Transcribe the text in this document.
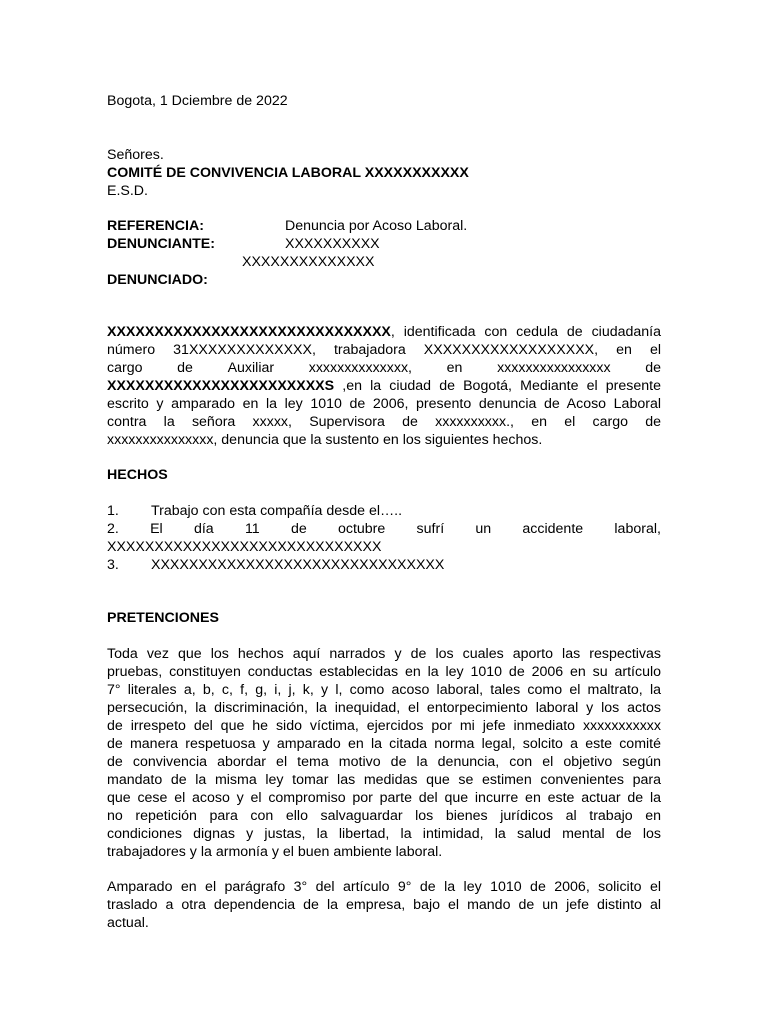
Bogota, 1 Dciembre de 2022
Señores.
COMITÉ DE CONVIVENCIA LABORAL XXXXXXXXXXX
E.S.D.
REFERENCIA:	Denuncia por Acoso Laboral.
DENUNCIANTE:	XXXXXXXXXX
XXXXXXXXXXXXXX
DENUNCIADO:
XXXXXXXXXXXXXXXXXXXXXXXXXXXXXX, identificada con cedula de ciudadanía
número 31XXXXXXXXXXXXX, trabajadora XXXXXXXXXXXXXXXXXX, en el
cargo de Auxiliar xxxxxxxxxxxxxx, en xxxxxxxxxxxxxxxx de
XXXXXXXXXXXXXXXXXXXXXXXS ,en la ciudad de Bogotá, Mediante el presente
escrito y amparado en la ley 1010 de 2006, presento denuncia de Acoso Laboral
contra la señora xxxxx, Supervisora de xxxxxxxxxx., en el cargo de
xxxxxxxxxxxxxxx, denuncia que la sustento en los siguientes hechos.
HECHOS
1. Trabajo con esta compañía desde el…..
2. El día 11 de octubre sufrí un accidente laboral,
XXXXXXXXXXXXXXXXXXXXXXXXXXXXX
3. XXXXXXXXXXXXXXXXXXXXXXXXXXXXXXX
PRETENCIONES
Toda vez que los hechos aquí narrados y de los cuales aporto las respectivas
pruebas, constituyen conductas establecidas en la ley 1010 de 2006 en su artículo
7° literales a, b, c, f, g, i, j, k, y l, como acoso laboral, tales como el maltrato, la
persecución, la discriminación, la inequidad, el entorpecimiento laboral y los actos
de irrespeto del que he sido víctima, ejercidos por mi jefe inmediato xxxxxxxxxxx
de manera respetuosa y amparado en la citada norma legal, solcito a este comité
de convivencia abordar el tema motivo de la denuncia, con el objetivo según
mandato de la misma ley tomar las medidas que se estimen convenientes para
que cese el acoso y el compromiso por parte del que incurre en este actuar de la
no repetición para con ello salvaguardar los bienes jurídicos al trabajo en
condiciones dignas y justas, la libertad, la intimidad, la salud mental de los
trabajadores y la armonía y el buen ambiente laboral.
Amparado en el parágrafo 3° del artículo 9° de la ley 1010 de 2006, solicito el
traslado a otra dependencia de la empresa, bajo el mando de un jefe distinto al
actual.
